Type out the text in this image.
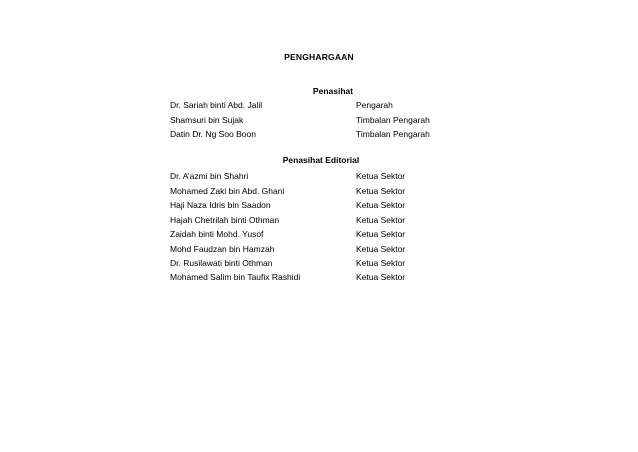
PENGHARGAAN
Penasihat
Dr. Sariah binti Abd. Jalil	Pengarah
Shamsuri bin Sujak	Timbalan Pengarah
Datin Dr. Ng Soo Boon	Timbalan Pengarah
Penasihat Editorial
Dr. A’azmi bin Shahri	Ketua Sektor
Mohamed Zaki bin Abd. Ghani	Ketua Sektor
Haji Naza Idris bin Saadon	Ketua Sektor
Hajah Chetrilah binti Othman	Ketua Sektor
Zaidah binti Mohd. Yusof	Ketua Sektor
Mohd Faudzan bin Hamzah	Ketua Sektor
Dr. Rusilawati binti Othman	Ketua Sektor
Mohamed Salim bin Taufix Rashidi	Ketua Sektor
